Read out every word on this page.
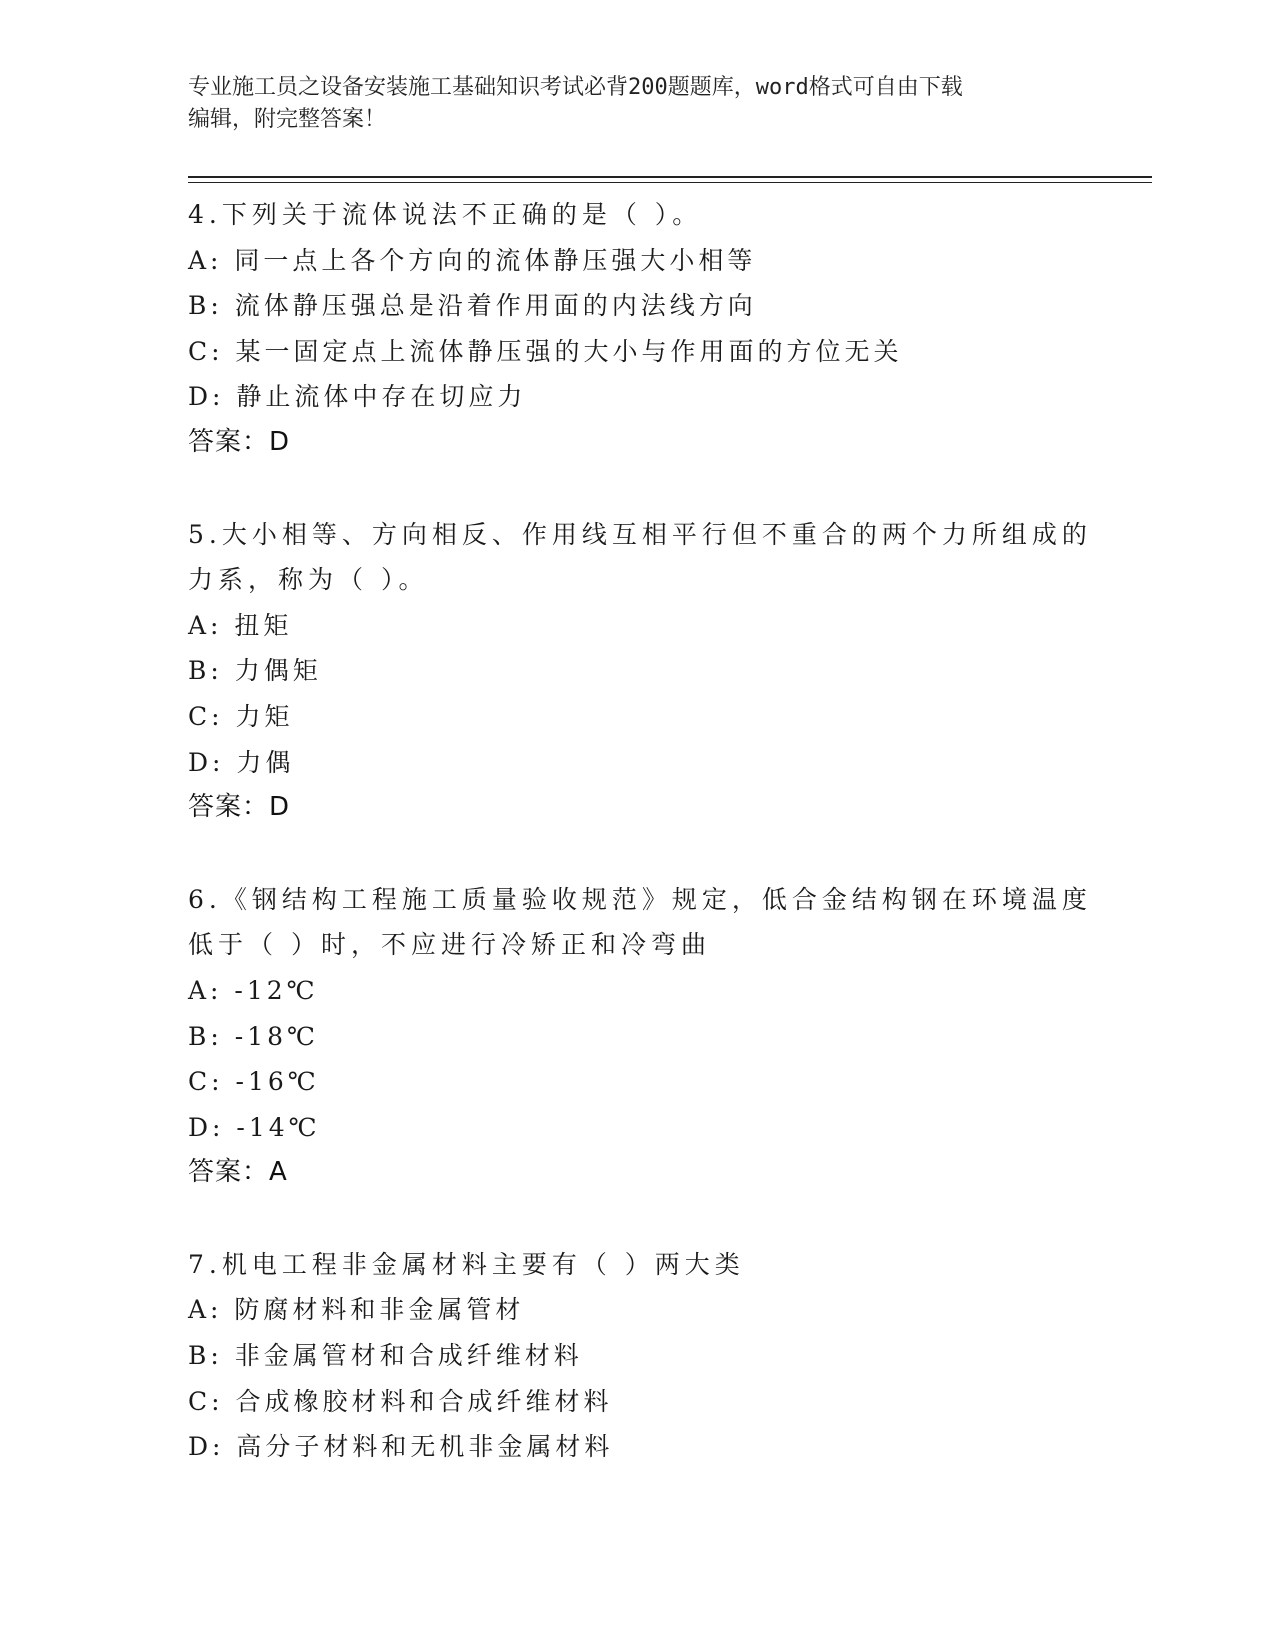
专业施工员之设备安装施工基础知识考试必背200题题库，word格式可自由下载
编辑，附完整答案！
4.下列关于流体说法不正确的是（ ）。
A: 同一点上各个方向的流体静压强大小相等
B: 流体静压强总是沿着作用面的内法线方向
C: 某一固定点上流体静压强的大小与作用面的方位无关
D: 静止流体中存在切应力
答案：D
5.大小相等、方向相反、作用线互相平行但不重合的两个力所组成的
力系，称为（ ）。
A: 扭矩
B: 力偶矩
C: 力矩
D: 力偶
答案：D
6.《钢结构工程施工质量验收规范》规定，低合金结构钢在环境温度
低于（ ）时，不应进行冷矫正和冷弯曲
A: -12℃
B: -18℃
C: -16℃
D: -14℃
答案：A
7.机电工程非金属材料主要有（ ）两大类
A: 防腐材料和非金属管材
B: 非金属管材和合成纤维材料
C: 合成橡胶材料和合成纤维材料
D: 高分子材料和无机非金属材料
